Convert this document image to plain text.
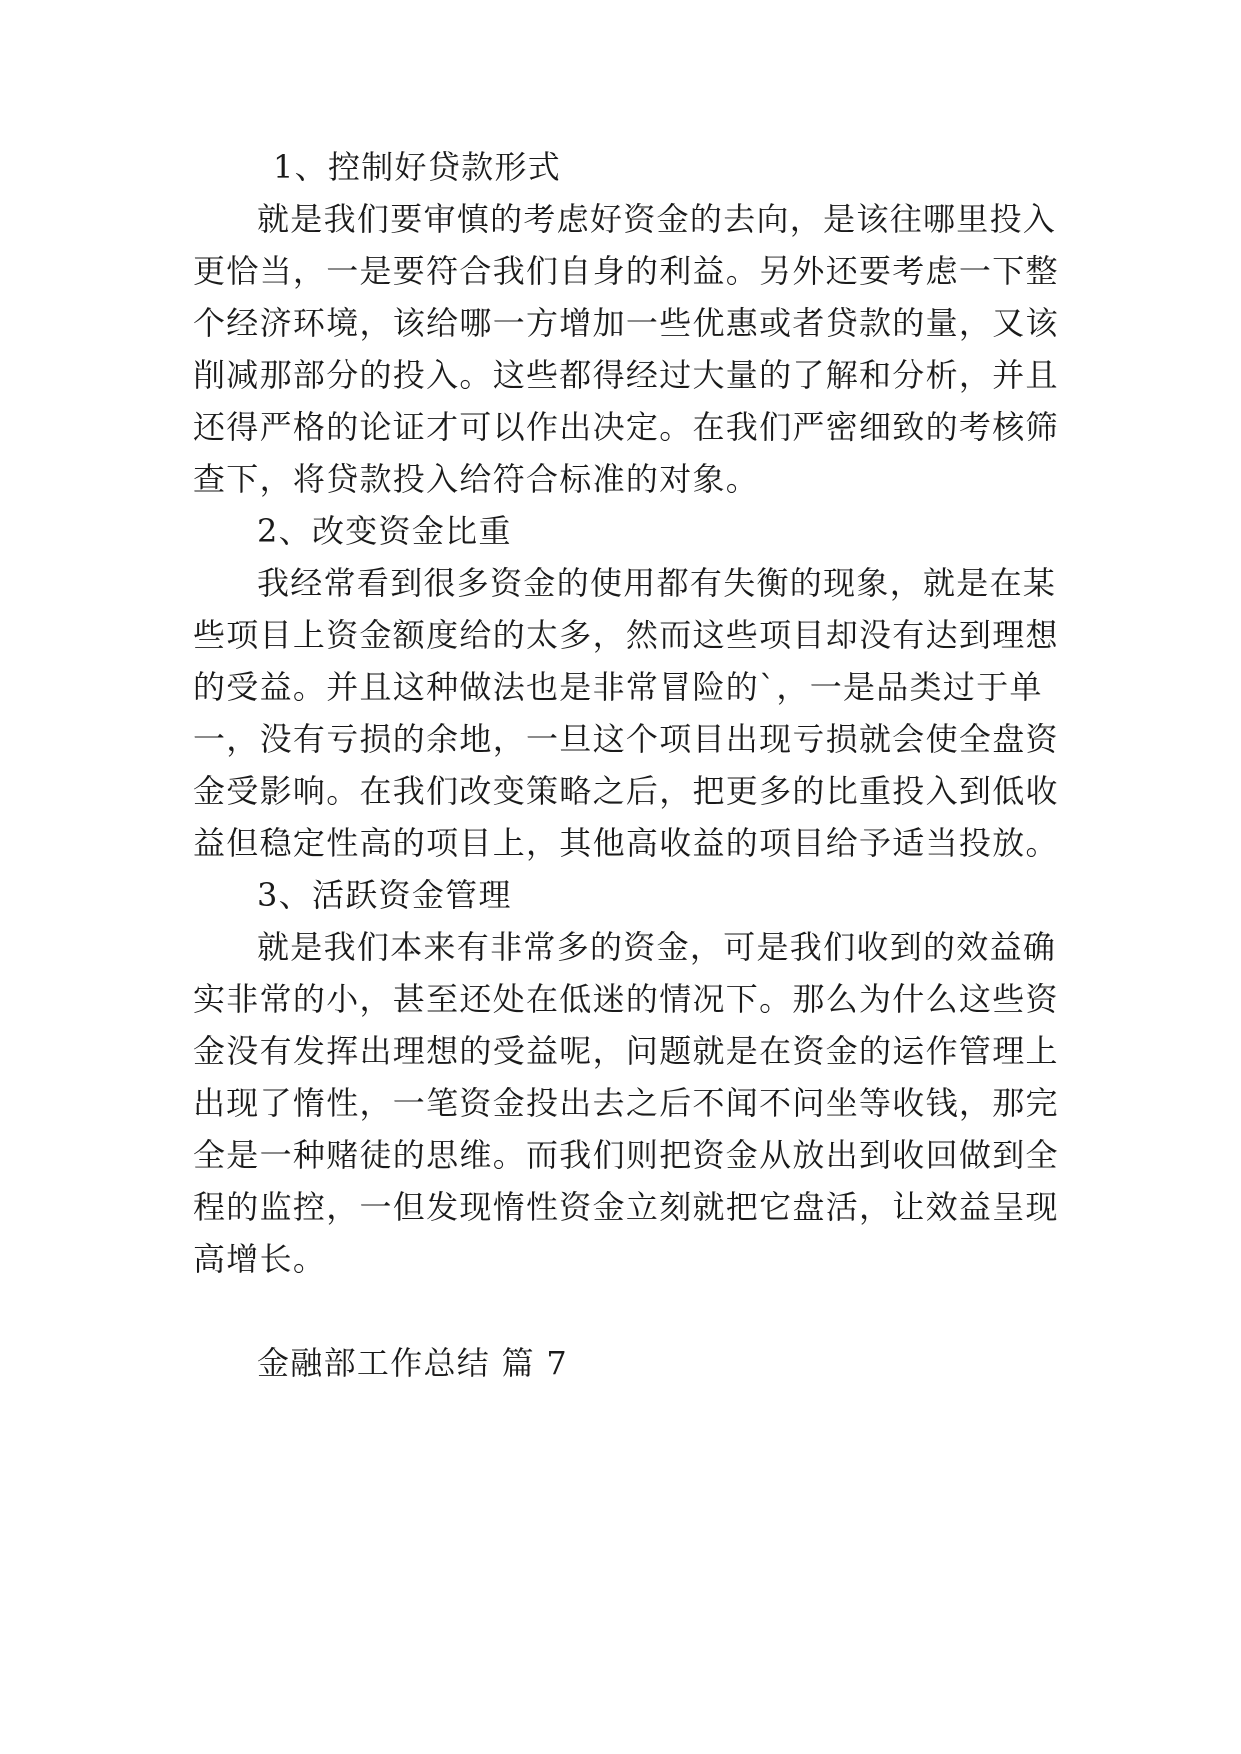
1、控制好贷款形式
就是我们要审慎的考虑好资金的去向，是该往哪里投入
更恰当，一是要符合我们自身的利益。另外还要考虑一下整
个经济环境，该给哪一方增加一些优惠或者贷款的量，又该
削减那部分的投入。这些都得经过大量的了解和分析，并且
还得严格的论证才可以作出决定。在我们严密细致的考核筛
查下，将贷款投入给符合标准的对象。
2、改变资金比重
我经常看到很多资金的使用都有失衡的现象，就是在某
些项目上资金额度给的太多，然而这些项目却没有达到理想
的受益。并且这种做法也是非常冒险的`，一是品类过于单
一，没有亏损的余地，一旦这个项目出现亏损就会使全盘资
金受影响。在我们改变策略之后，把更多的比重投入到低收
益但稳定性高的项目上，其他高收益的项目给予适当投放。
3、活跃资金管理
就是我们本来有非常多的资金，可是我们收到的效益确
实非常的小，甚至还处在低迷的情况下。那么为什么这些资
金没有发挥出理想的受益呢，问题就是在资金的运作管理上
出现了惰性，一笔资金投出去之后不闻不问坐等收钱，那完
全是一种赌徒的思维。而我们则把资金从放出到收回做到全
程的监控，一但发现惰性资金立刻就把它盘活，让效益呈现
高增长。
金融部工作总结 篇 7
